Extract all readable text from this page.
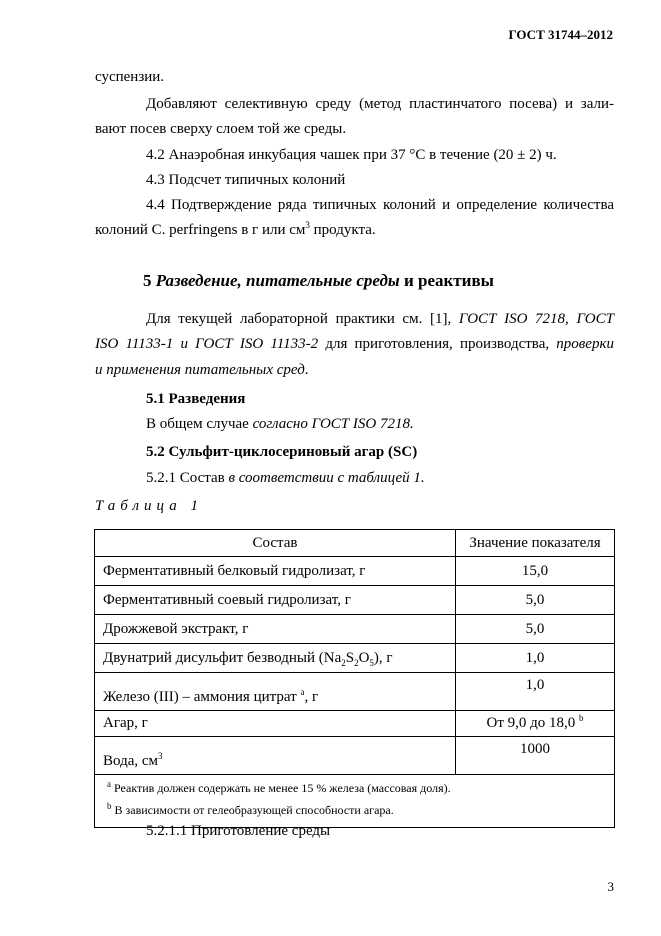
ГОСТ 31744–2012
суспензии.
Добавляют селективную среду (метод пластинчатого посева) и зали-
вают посев сверху слоем той же среды.
4.2 Анаэробная инкубация чашек при 37 °С в течение (20 ± 2) ч.
4.3 Подсчет типичных колоний
4.4 Подтверждение ряда типичных колоний и определение количества
колоний C. perfringens в г или $см^3$ продукта.
5 Разведение, питательные среды и реактивы
Для текущей лабораторной практики см. [1], ГОСТ ISO 7218, ГОСТ
ISO 11133-1 и ГОСТ ISO 11133-2 для приготовления, производства, проверки
и применения питательных сред.
5.1 Разведения
В общем случае согласно ГОСТ ISO 7218.
5.2 Сульфит-циклосериновый агар (SC)
5.2.1 Состав в соответствии с таблицей 1.
Таблица 1
Состав	Значение показателя
Ферментативный белковый гидролизат, г	15,0
Ферментативный соевый гидролизат, г	5,0
Дрожжевой экстракт, г	5,0
Двунатрий дисульфит безводный $(Na_2S_2O_5)$, г	1,0
Железо (III) – аммония цитрат $^а$, г	1,0
Агар, г	От 9,0 до 18,0 $^b$
Вода, $см^3$	1000

$^а$ Реактив должен содержать не менее 15 % железа (массовая доля).
$^b$ В зависимости от гелеобразующей способности агара.	
5.2.1.1 Приготовление среды
3
